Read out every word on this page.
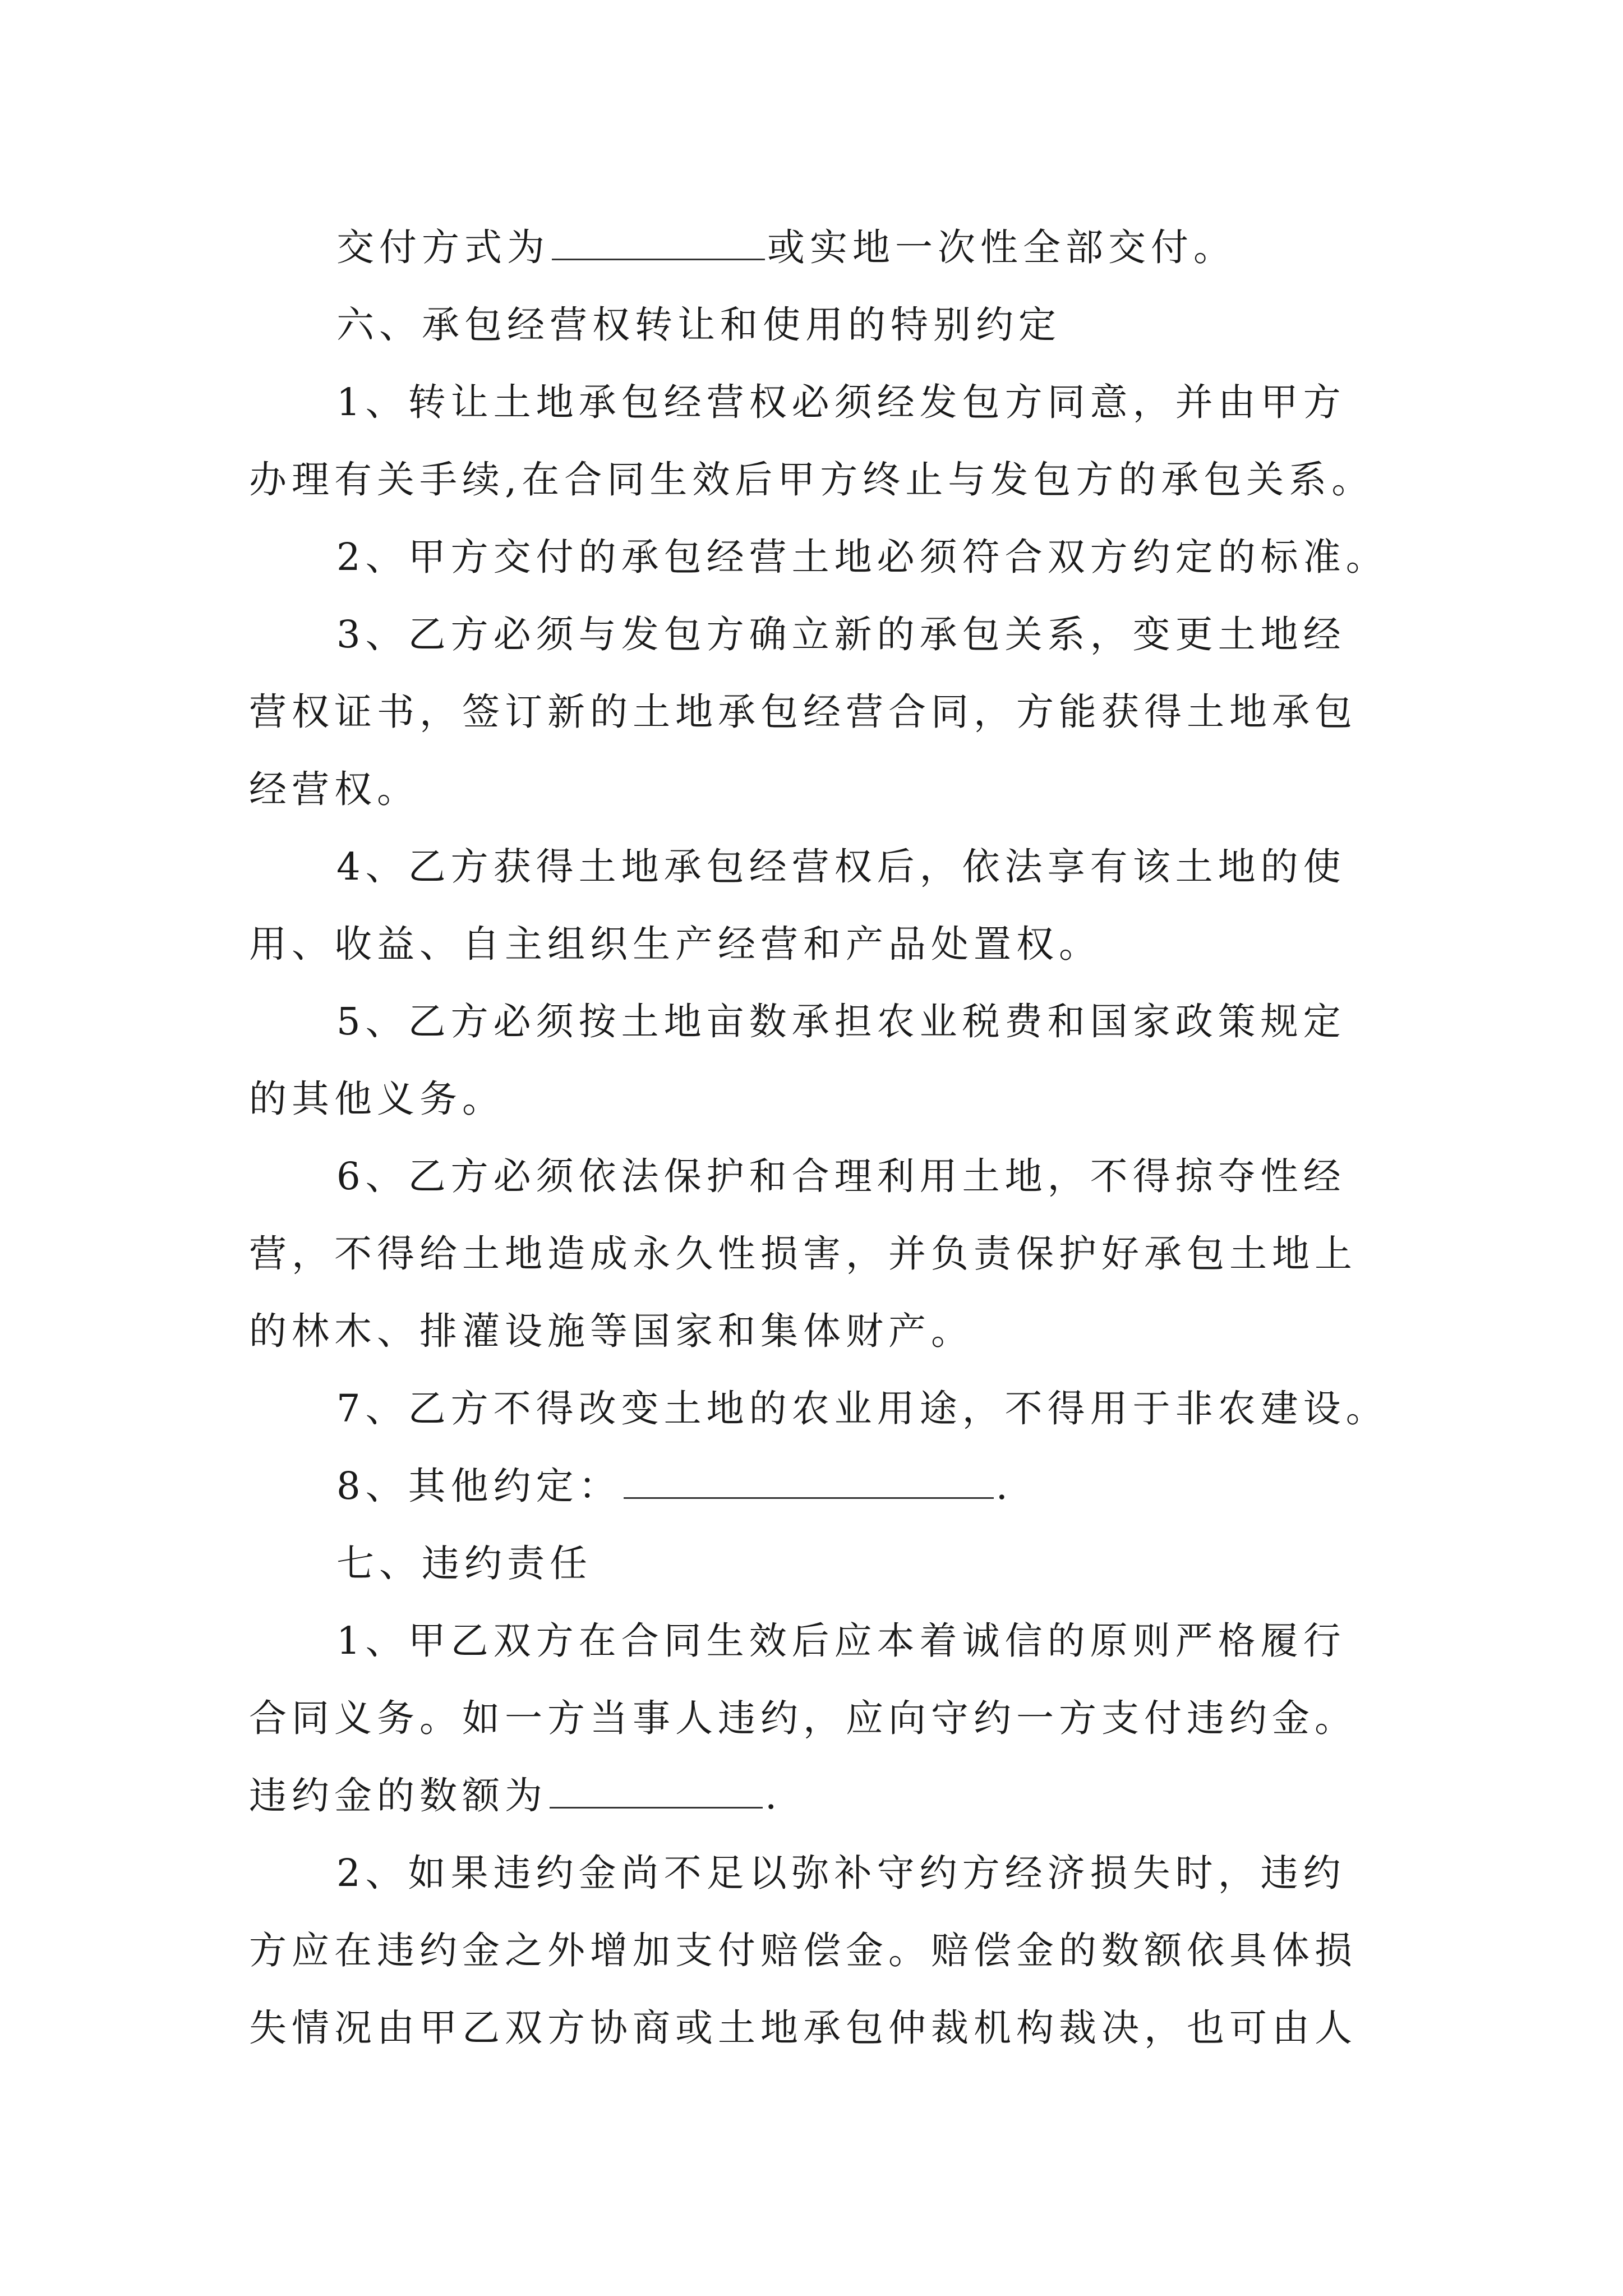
交付方式为	或实地一次性全部交付。
六、承包经营权转让和使用的特别约定
1、转让土地承包经营权必须经发包方同意，并由甲方
办理有关手续,在合同生效后甲方终止与发包方的承包关系。
2、甲方交付的承包经营土地必须符合双方约定的标准。
3、乙方必须与发包方确立新的承包关系，变更土地经
营权证书，签订新的土地承包经营合同，方能获得土地承包
经营权。
4、乙方获得土地承包经营权后，依法享有该土地的使
用、收益、自主组织生产经营和产品处置权。
5、乙方必须按土地亩数承担农业税费和国家政策规定
的其他义务。
6、乙方必须依法保护和合理利用土地，不得掠夺性经
营，不得给土地造成永久性损害，并负责保护好承包土地上
的林木、排灌设施等国家和集体财产。
7、乙方不得改变土地的农业用途，不得用于非农建设。
8、其他约定：	.
七、违约责任
1、甲乙双方在合同生效后应本着诚信的原则严格履行
合同义务。如一方当事人违约，应向守约一方支付违约金。
违约金的数额为	.
2、如果违约金尚不足以弥补守约方经济损失时，违约
方应在违约金之外增加支付赔偿金。赔偿金的数额依具体损
失情况由甲乙双方协商或土地承包仲裁机构裁决，也可由人
